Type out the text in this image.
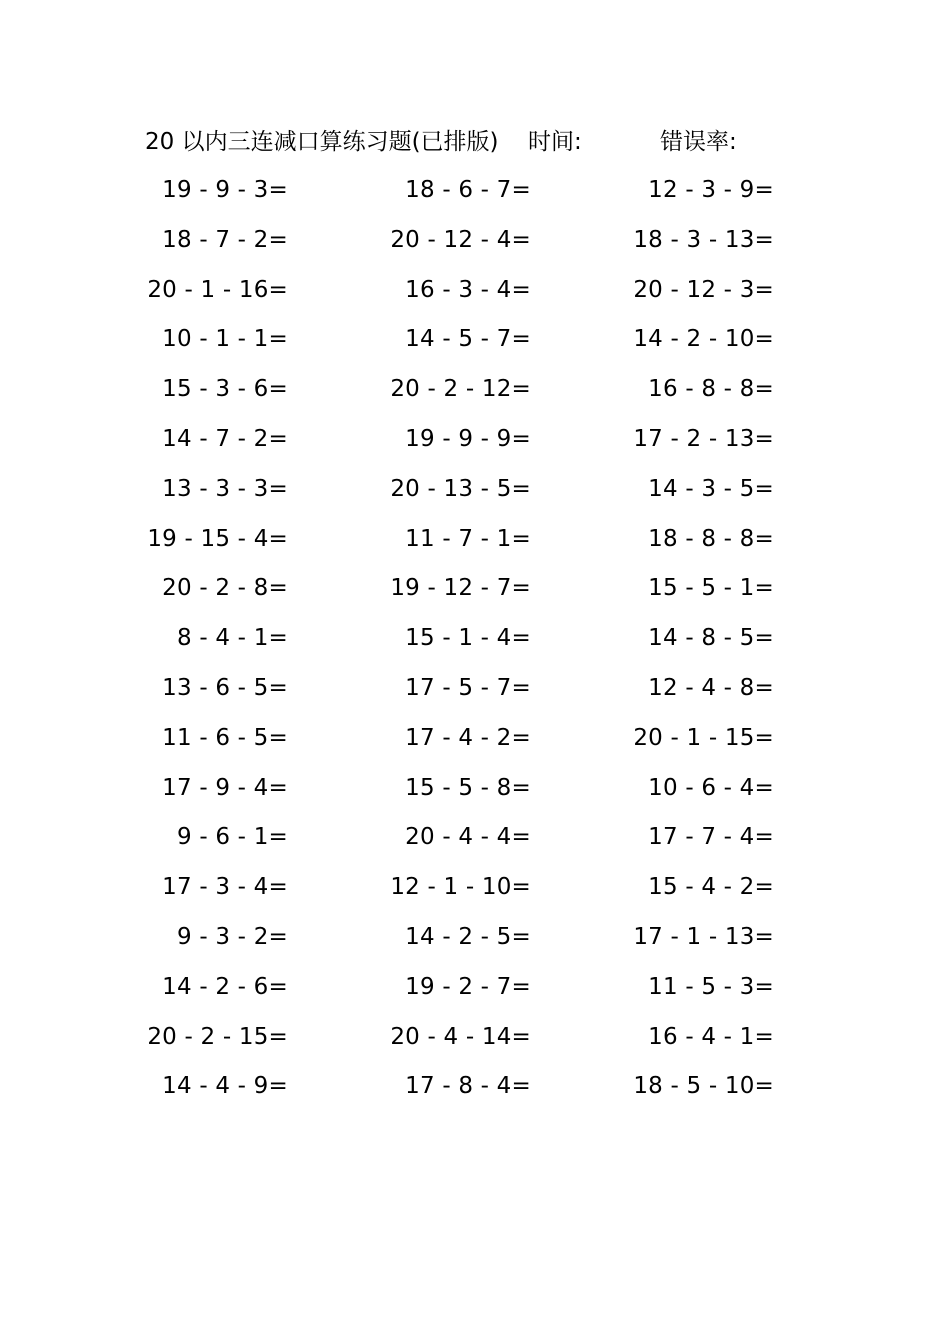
20 以内三连减口算练习题(已排版) 时间:	错误率:
19 - 9 - 3=	18 - 6 - 7=	12 - 3 - 9=
18 - 7 - 2=	20 - 12 - 4=	18 - 3 - 13=
20 - 1 - 16=	16 - 3 - 4=	20 - 12 - 3=
10 - 1 - 1=	14 - 5 - 7=	14 - 2 - 10=
15 - 3 - 6=	20 - 2 - 12=	16 - 8 - 8=
14 - 7 - 2=	19 - 9 - 9=	17 - 2 - 13=
13 - 3 - 3=	20 - 13 - 5=	14 - 3 - 5=
19 - 15 - 4=	11 - 7 - 1=	18 - 8 - 8=
20 - 2 - 8=	19 - 12 - 7=	15 - 5 - 1=
8 - 4 - 1=	15 - 1 - 4=	14 - 8 - 5=
13 - 6 - 5=	17 - 5 - 7=	12 - 4 - 8=
11 - 6 - 5=	17 - 4 - 2=	20 - 1 - 15=
17 - 9 - 4=	15 - 5 - 8=	10 - 6 - 4=
9 - 6 - 1=	20 - 4 - 4=	17 - 7 - 4=
17 - 3 - 4=	12 - 1 - 10=	15 - 4 - 2=
9 - 3 - 2=	14 - 2 - 5=	17 - 1 - 13=
14 - 2 - 6=	19 - 2 - 7=	11 - 5 - 3=
20 - 2 - 15=	20 - 4 - 14=	16 - 4 - 1=
14 - 4 - 9=	17 - 8 - 4=	18 - 5 - 10=
